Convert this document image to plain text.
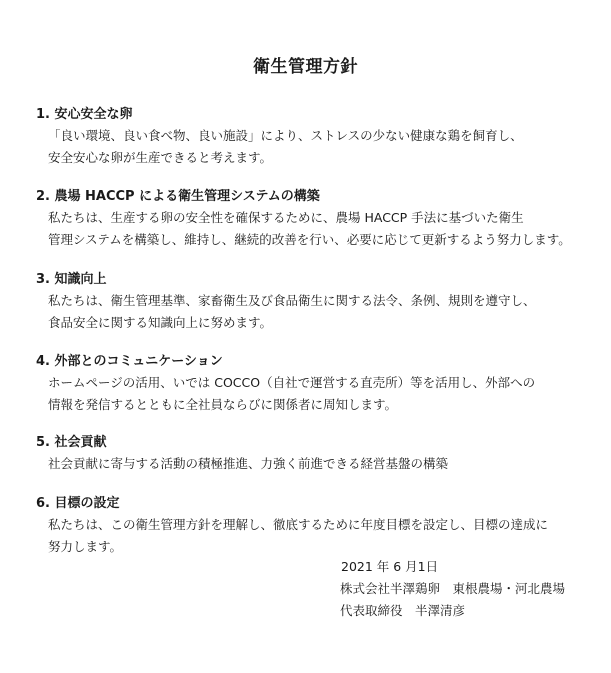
衛生管理方針
1. 安心安全な卵
「良い環境、良い食べ物、良い施設」により、ストレスの少ない健康な鶏を飼育し、
安全安心な卵が生産できると考えます。
2. 農場 HACCP による衛生管理システムの構築
私たちは、生産する卵の安全性を確保するために、農場 HACCP 手法に基づいた衛生
管理システムを構築し、維持し、継続的改善を行い、必要に応じて更新するよう努力します。
3. 知識向上
私たちは、衛生管理基準、家畜衛生及び食品衛生に関する法令、条例、規則を遵守し、
食品安全に関する知識向上に努めます。
4. 外部とのコミュニケーション
ホームページの活用、いでは COCCO（自社で運営する直売所）等を活用し、外部への
情報を発信するとともに全社員ならびに関係者に周知します。
5. 社会貢献
社会貢献に寄与する活動の積極推進、力強く前進できる経営基盤の構築
6. 目標の設定
私たちは、この衛生管理方針を理解し、徹底するために年度目標を設定し、目標の達成に
努力します。
2021 年 6 月1日
株式会社半澤鶏卵　東根農場・河北農場
代表取締役　半澤清彦
